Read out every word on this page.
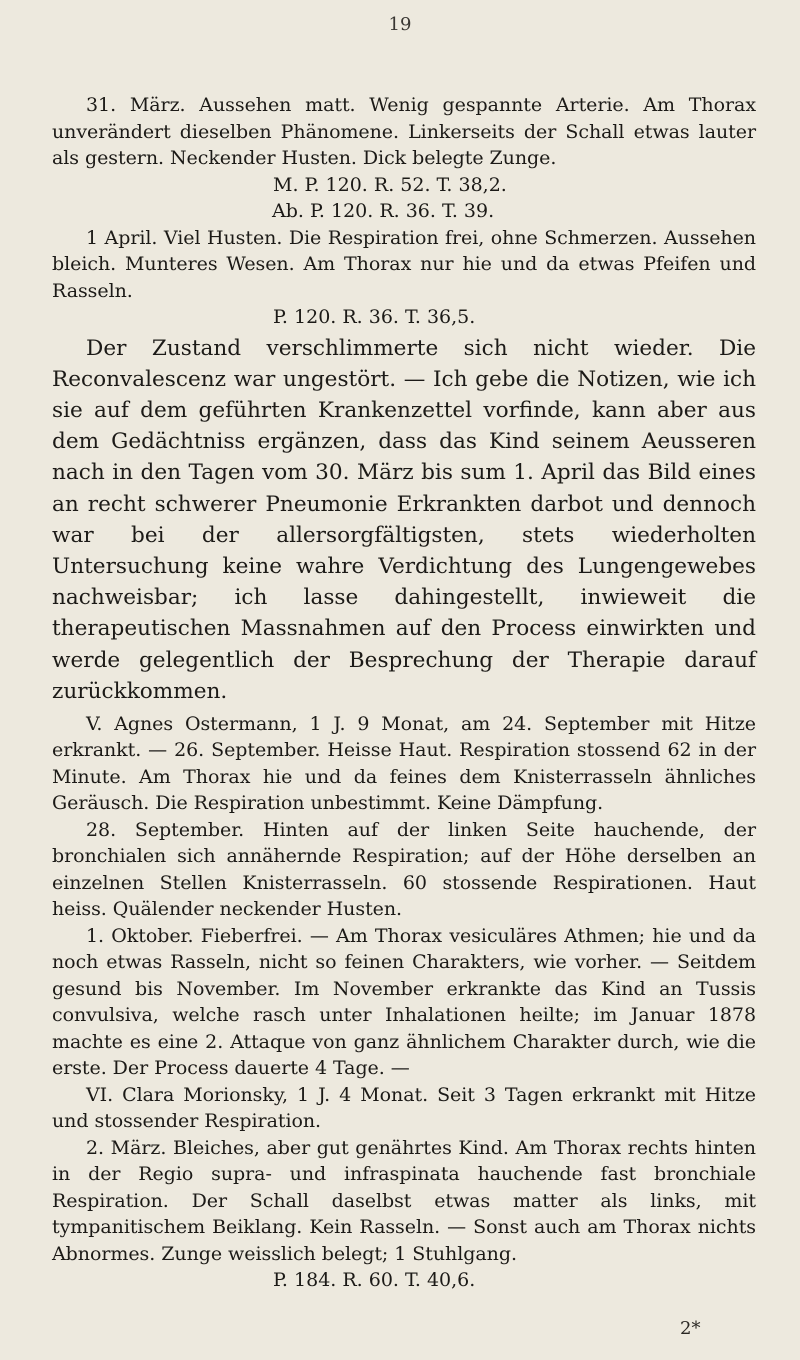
19

31. März. Aussehen matt. Wenig gespannte Arterie. Am Thorax unverändert dieselben Phänomene. Linkerseits der Schall etwas lauter als gestern. Neckender Husten. Dick belegte Zunge.

M. P. 120. R. 52. T. 38,2.

Ab. P. 120. R. 36. T. 39.

1 April. Viel Husten. Die Respiration frei, ohne Schmerzen. Aussehen bleich. Munteres Wesen. Am Thorax nur hie und da etwas Pfeifen und Rasseln.

P. 120. R. 36. T. 36,5.

Der Zustand verschlimmerte sich nicht wieder. Die Reconvalescenz war ungestört. — Ich gebe die Notizen, wie ich sie auf dem geführten Krankenzettel vorfinde, kann aber aus dem Gedächtniss ergänzen, dass das Kind seinem Aeusseren nach in den Tagen vom 30. März bis sum 1. April das Bild eines an recht schwerer Pneumonie Erkrankten darbot und dennoch war bei der allersorgfältigsten, stets wiederholten Untersuchung keine wahre Verdichtung des Lungengewebes nachweisbar; ich lasse dahingestellt, inwieweit die therapeutischen Massnahmen auf den Process einwirkten und werde gelegentlich der Besprechung der Therapie darauf zurückkommen.

V. Agnes Ostermann, 1 J. 9 Monat, am 24. September mit Hitze erkrankt. — 26. September. Heisse Haut. Respiration stossend 62 in der Minute. Am Thorax hie und da feines dem Knisterrasseln ähnliches Geräusch. Die Respiration unbestimmt. Keine Dämpfung.

28. September. Hinten auf der linken Seite hauchende, der bronchialen sich annähernde Respiration; auf der Höhe derselben an einzelnen Stellen Knisterrasseln. 60 stossende Respirationen. Haut heiss. Quälender neckender Husten.

1. Oktober. Fieberfrei. — Am Thorax vesiculäres Athmen; hie und da noch etwas Rasseln, nicht so feinen Charakters, wie vorher. — Seitdem gesund bis November. Im November erkrankte das Kind an Tussis convulsiva, welche rasch unter Inhalationen heilte; im Januar 1878 machte es eine 2. Attaque von ganz ähnlichem Charakter durch, wie die erste. Der Process dauerte 4 Tage. —

VI. Clara Morionsky, 1 J. 4 Monat. Seit 3 Tagen erkrankt mit Hitze und stossender Respiration.

2. März. Bleiches, aber gut genährtes Kind. Am Thorax rechts hinten in der Regio supra- und infraspinata hauchende fast bronchiale Respiration. Der Schall daselbst etwas matter als links, mit tympanitischem Beiklang. Kein Rasseln. — Sonst auch am Thorax nichts Abnormes. Zunge weisslich belegt; 1 Stuhlgang.

P. 184. R. 60. T. 40,6.

2*
